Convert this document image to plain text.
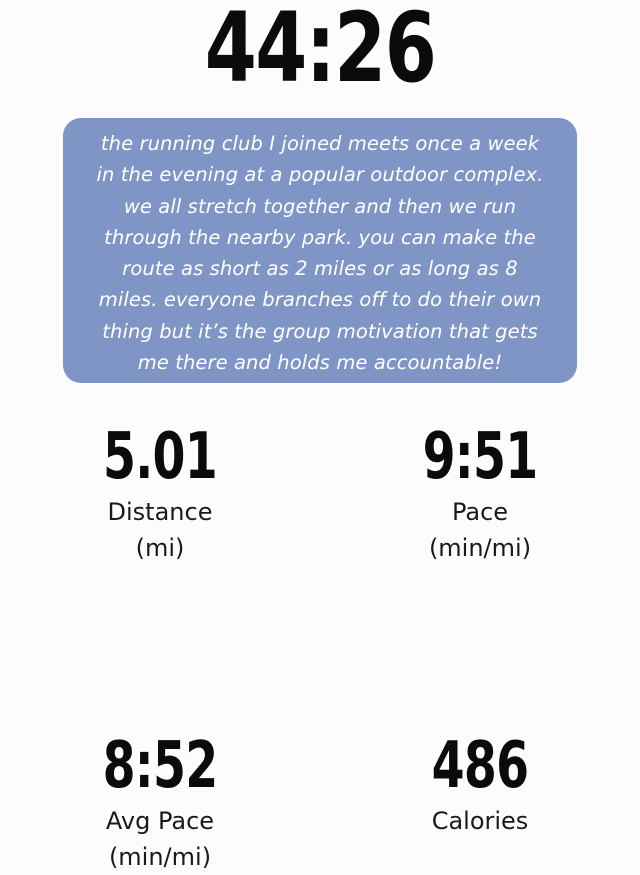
44:26
the running club I joined meets once a week
in the evening at a popular outdoor complex.
we all stretch together and then we run
through the nearby park. you can make the
route as short as 2 miles or as long as 8
miles. everyone branches off to do their own
thing but it’s the group motivation that gets
me there and holds me accountable!
5.01
Distance
(mi)
9:51
Pace
(min/mi)
8:52
Avg Pace
(min/mi)
486
Calories
